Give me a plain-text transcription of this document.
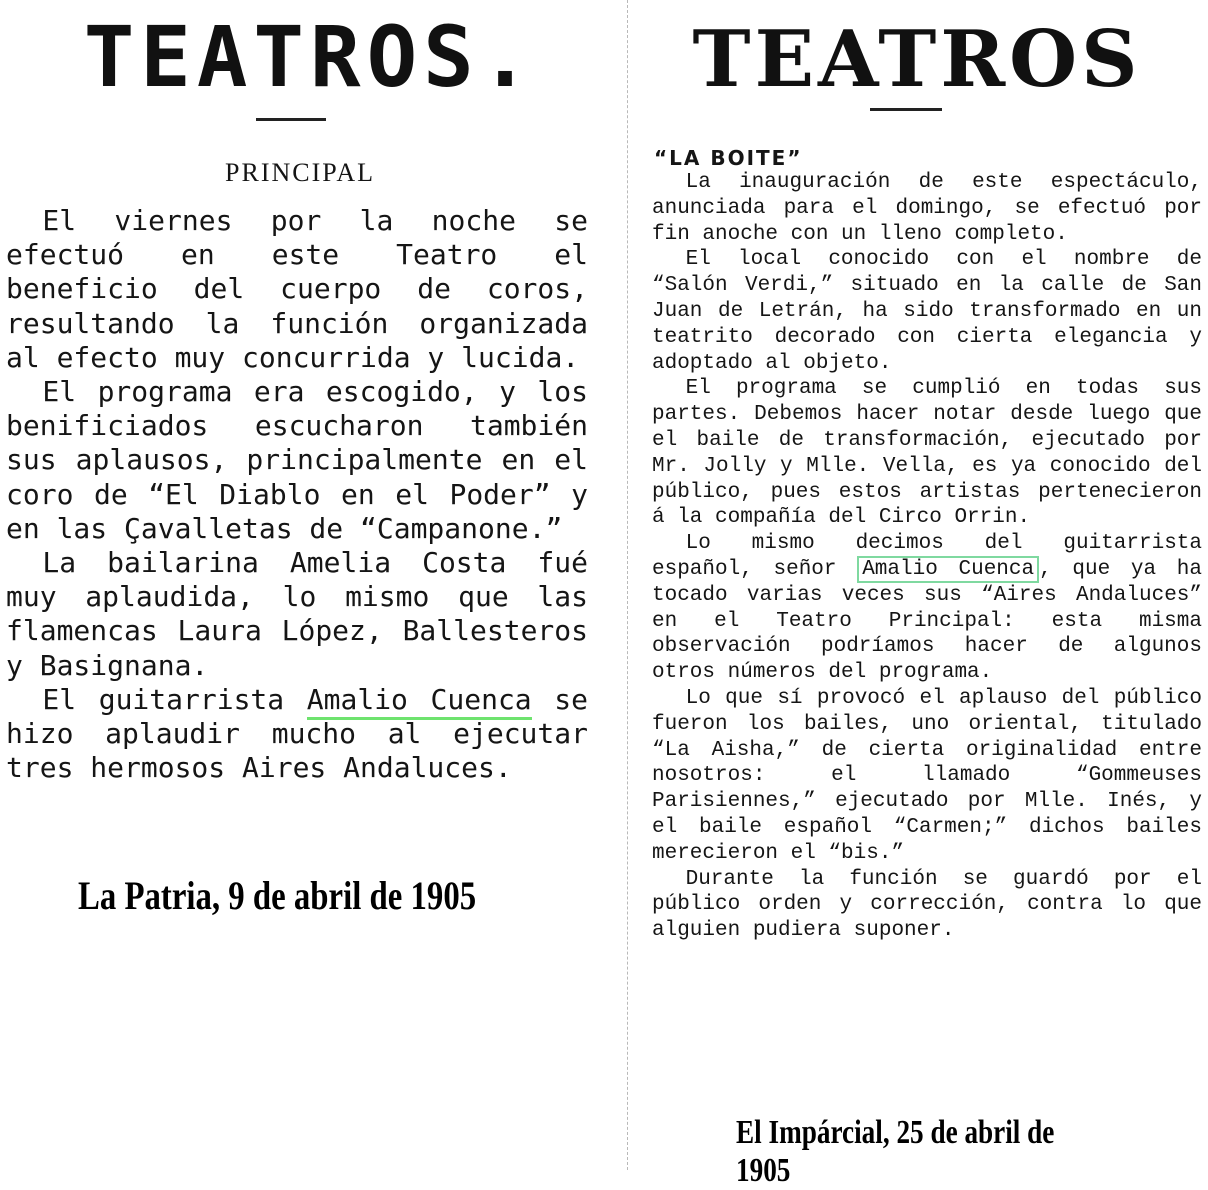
TEATROS.
PRINCIPAL

El viernes por la noche se efectuó en este Teatro el beneficio del cuerpo de coros, resultando la función organizada al efecto muy concurrida y lucida.

El programa era escogido, y los benificiados escucharon también sus aplausos, principalmente en el coro de “El Diablo en el Poder” y en las Çavalletas de “Campanone.”

La bailarina Amelia Costa fué muy aplaudida, lo mismo que las flamencas Laura López, Ballesteros y Basignana.

El guitarrista Amalio Cuenca se hizo aplaudir mucho al ejecutar tres hermosos Aires Andaluces.

La Patria, 9 de abril de 1905
TEATROS
“LA BOITE”

La inauguración de este espectáculo, anunciada para el domingo, se efectuó por fin anoche con un lleno completo.

El local conocido con el nombre de “Salón Verdi,” situado en la calle de San Juan de Letrán, ha sido transformado en un teatrito decorado con cierta elegancia y adoptado al objeto.

El programa se cumplió en todas sus partes. Debemos hacer notar desde luego que el baile de transformación, ejecutado por Mr. Jolly y Mlle. Vella, es ya conocido del público, pues estos artistas pertenecieron á la compañía del Circo Orrin.

Lo mismo decimos del guitarrista español, señor Amalio Cuenca , que ya ha tocado varias veces sus “Aires Andaluces” en el Teatro Principal: esta misma observación podríamos hacer de algunos otros números del programa.

Lo que sí provocó el aplauso del público fueron los bailes, uno oriental, titulado “La Aisha,” de cierta originalidad entre nosotros: el llamado “Gommeuses Parisiennes,” ejecutado por Mlle. Inés, y el baile español “Carmen;” dichos bailes merecieron el “bis.”

Durante la función se guardó por el público orden y corrección, contra lo que alguien pudiera suponer.

El Impárcial, 25 de abril de 1905
